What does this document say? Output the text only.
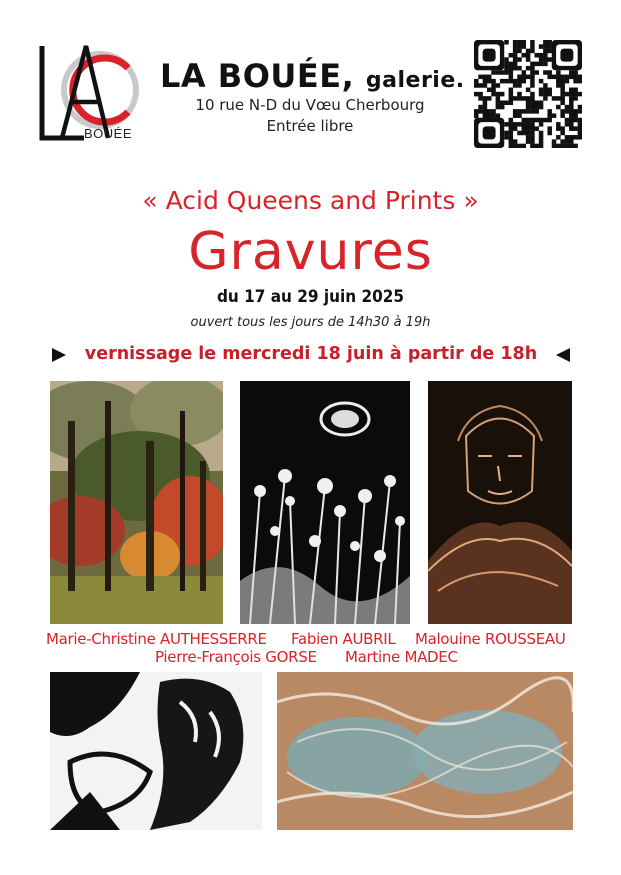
BOUÉE
LA BOUÉE, galerie.
10 rue N-D du Vœu Cherbourg
Entrée libre
« Acid Queens and Prints »
Gravures
du 17 au 29 juin 2025
ouvert tous les jours de 14h30 à 19h
vernissage le mercredi 18 juin à partir de 18h
Marie-Christine AUTHESSERRE Fabien AUBRIL Malouine ROUSSEAU
Pierre-François GORSE Martine MADEC
